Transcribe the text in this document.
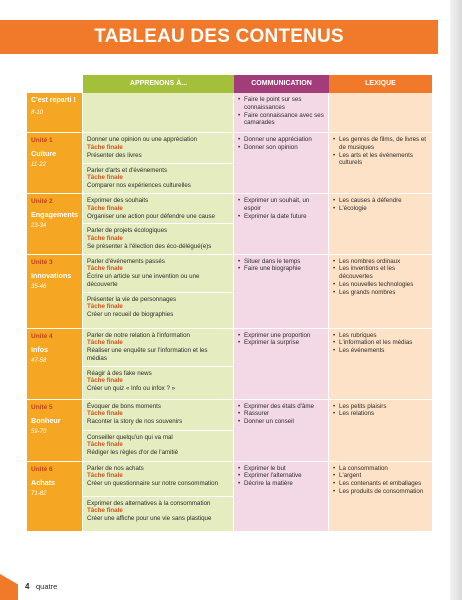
TABLEAU DES CONTENUS
APPRENONS À...	COMMUNICATION	LEXIQUE
C'est reparti !
8-10
• Faire le point sur ses connaissances
• Faire connaissance avec ses camarades
Unité 1
Culture
11-22
Donner une opinion ou une appréciation
Tâche finale
Présenter des livres
Parler d'arts et d'événements
Tâche finale
Comparer nos expériences culturelles
• Donner une appréciation
• Donner son opinion
• Les genres de films, de livres et de musiques
• Les arts et les événements culturels
Unité 2
Engagements
23-34
Exprimer des souhaits
Tâche finale
Organiser une action pour défendre une cause
Parler de projets écologiques
Tâche finale
Se présenter à l'élection des éco-délégué(e)s
• Exprimer un souhait, un espoir
• Exprimer la date future
• Les causes à défendre
• L'écologie
Unité 3
Innovations
35-46
Parler d'événements passés
Tâche finale
Écrire un article sur une invention ou une découverte
Présenter la vie de personnages
Tâche finale
Créer un recueil de biographies
• Situer dans le temps
• Faire une biographie
• Les nombres ordinaux
• Les inventions et les découvertes
• Les nouvelles technologies
• Les grands nombres
Unité 4
Infos
47-58
Parler de notre relation à l'information
Tâche finale
Réaliser une enquête sur l'information et les médias
Réagir à des fake news
Tâche finale
Créer un quiz « Info ou infox ? »
• Exprimer une proportion
• Exprimer la surprise
• Les rubriques
• L'information et les médias
• Les événements
Unité 5
Bonheur
59-70
Évoquer de bons moments
Tâche finale
Raconter la story de nos souvenirs
Conseiller quelqu'un qui va mal
Tâche finale
Rédiger les règles d'or de l'amitié
• Exprimer des états d'âme
• Rassurer
• Donner un conseil
• Les petits plaisirs
• Les relations
Unité 6
Achats
71-82
Parler de nos achats
Tâche finale
Créer un questionnaire sur notre consommation
Exprimer des alternatives à la consommation
Tâche finale
Créer une affiche pour une vie sans plastique
• Exprimer le but
• Exprimer l'alternative
• Décrire la matière
• La consommation
• L'argent
• Les contenants et emballages
• Les produits de consommation
4 quatre
